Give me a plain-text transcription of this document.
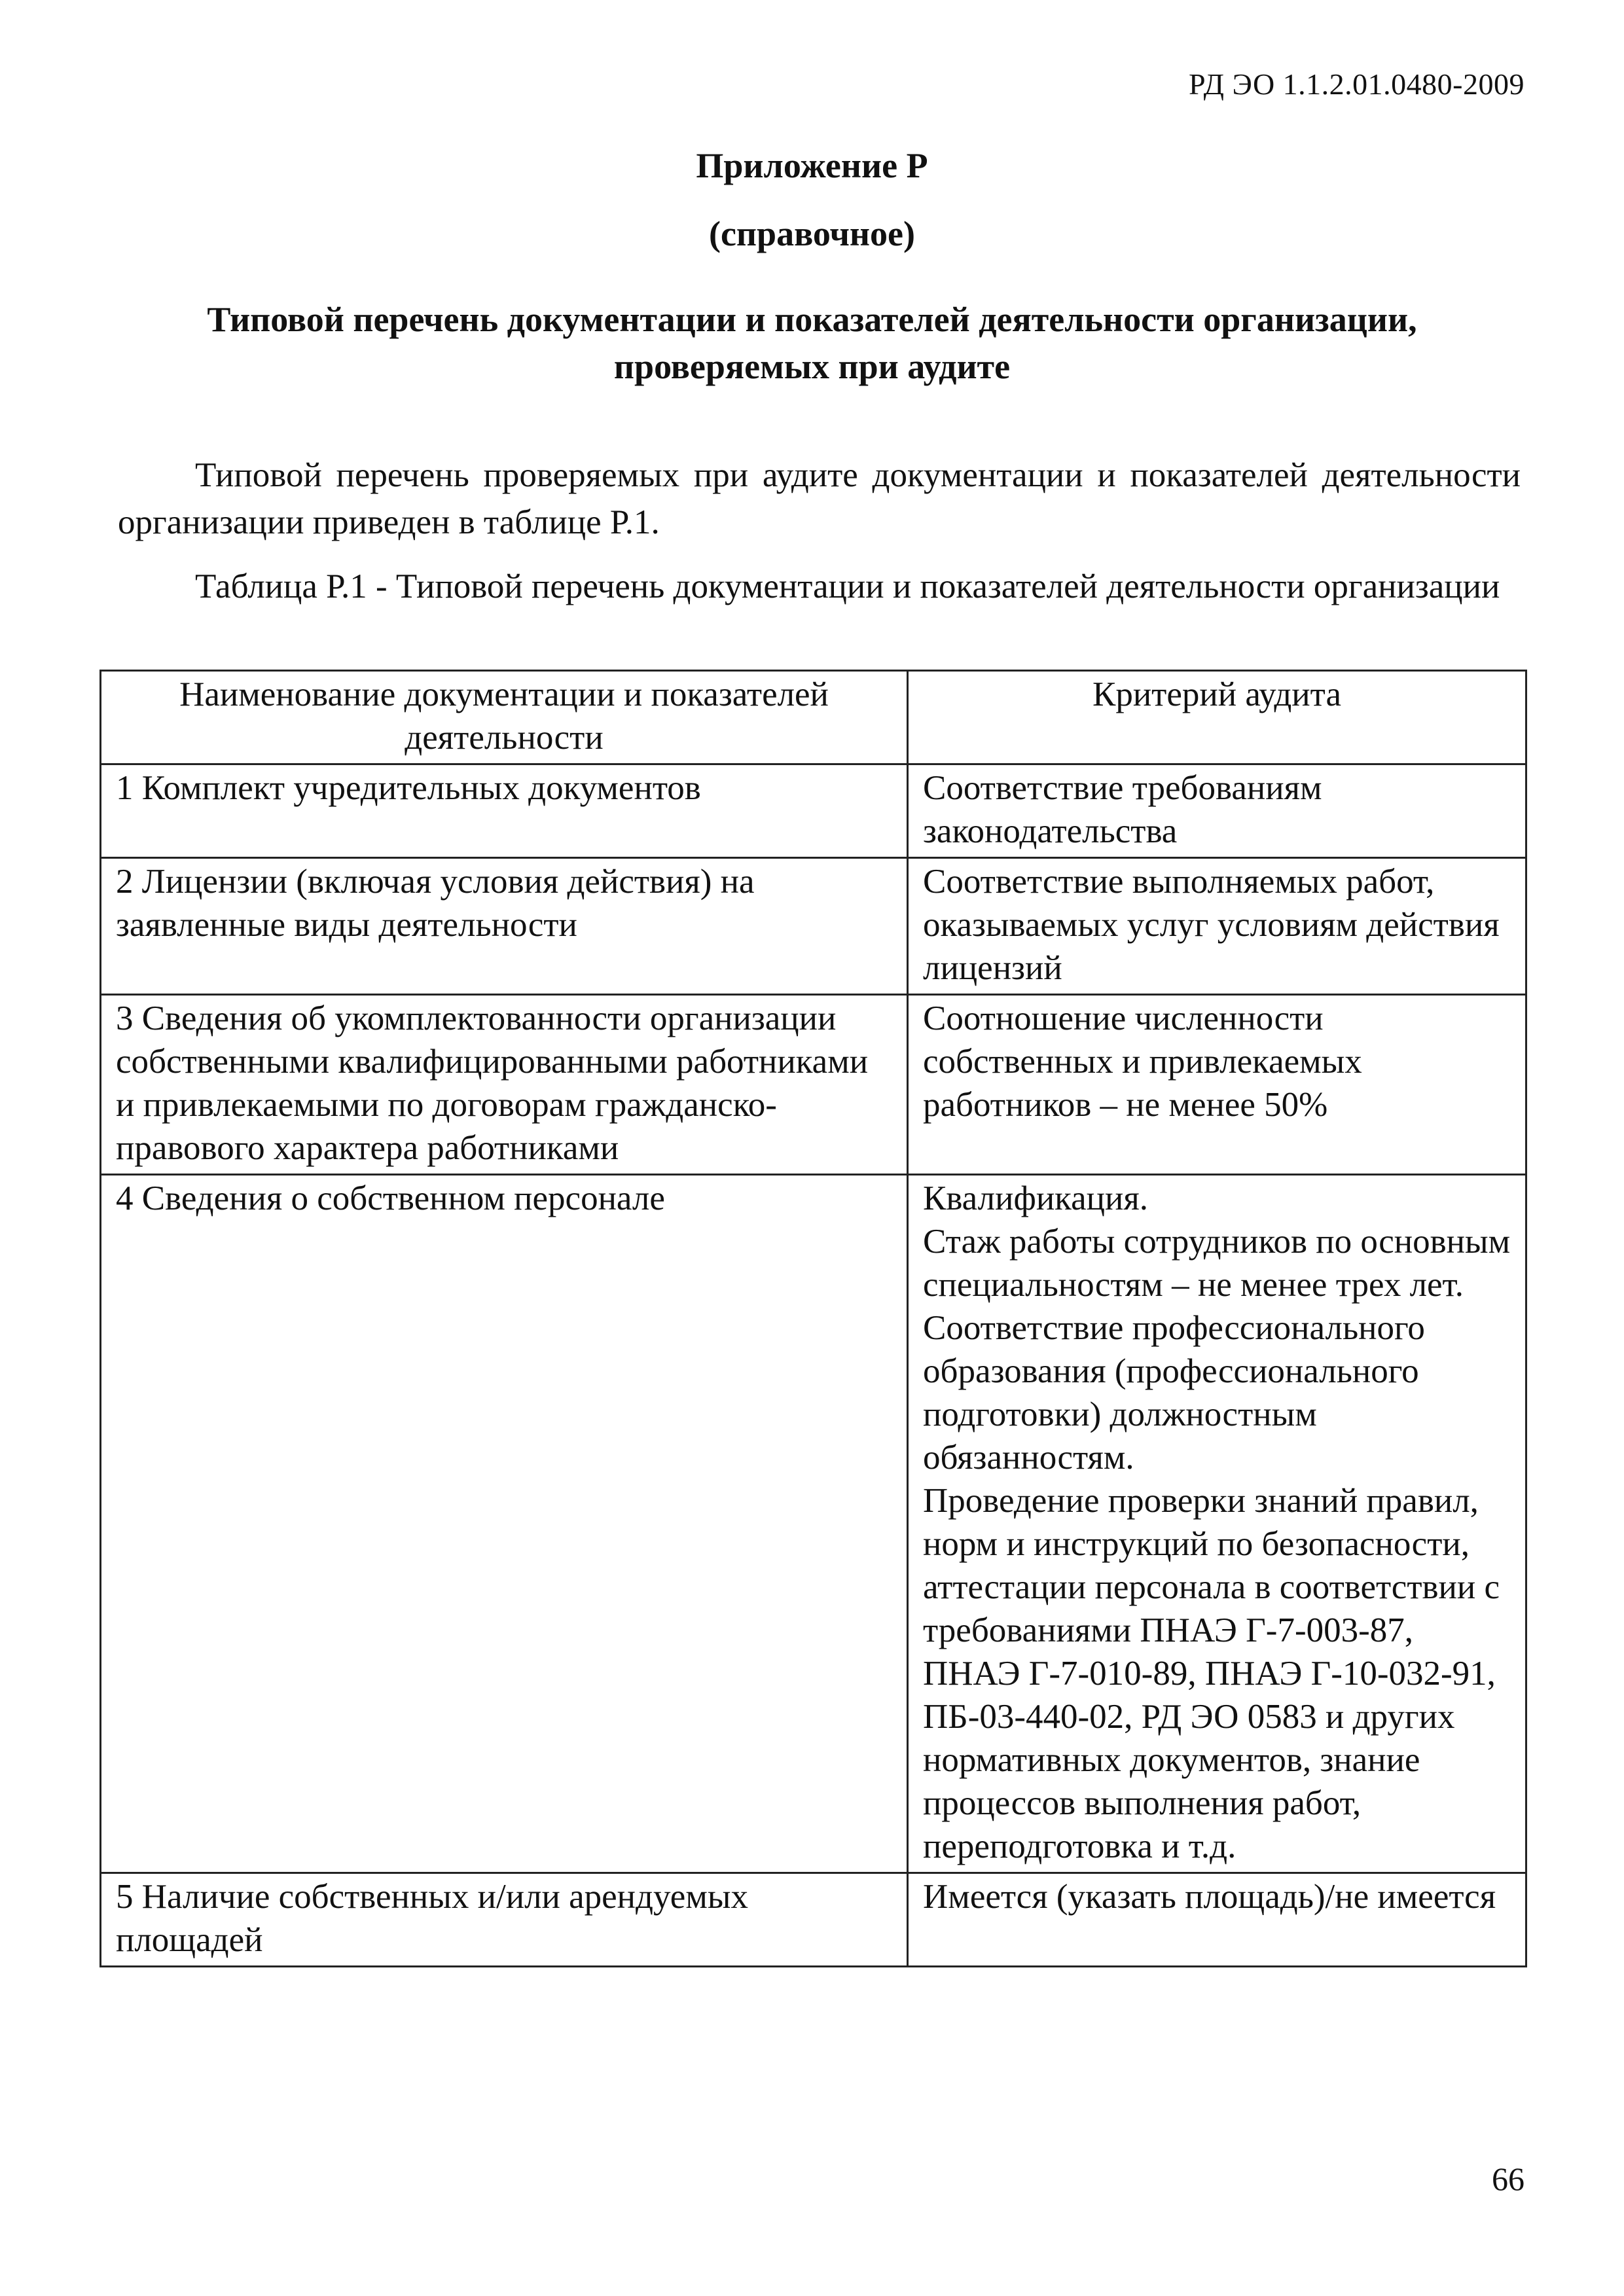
РД ЭО 1.1.2.01.0480-2009
Приложение Р
(справочное)
Типовой перечень документации и показателей деятельности организации,
проверяемых при аудите

Типовой перечень проверяемых при аудите документации и показателей деятельности организации приведен в таблице Р.1.

Таблица Р.1 - Типовой перечень документации и показателей деятельности организации

Наименование документации и показателей деятельности	Критерий аудита
1 Комплект учредительных документов	Соответствие требованиям законодательства

2 Лицензии (включая условия действия) на заявленные виды деятельности	Соответствие выполняемых работ, оказываемых услуг условиям действия лицензий

3 Сведения об укомплектованности организации собственными квалифицированными работниками и привлекаемыми по договорам гражданско-правового характера работниками	Соотношение численности собственных и привлекаемых работников – не менее 50%

4 Сведения о собственном персонале	Квалификация.
Стаж работы сотрудников по основным специальностям – не менее трех лет.
Соответствие профессионального образования (профессионального подготовки) должностным обязанностям.
Проведение проверки знаний правил, норм и инструкций по безопасности, аттестации персонала в соответствии с требованиями ПНАЭ Г-7-003-87, ПНАЭ Г-7-010-89, ПНАЭ Г-10-032-91, ПБ-03-440-02, РД ЭО 0583 и других нормативных документов, знание процессов выполнения работ, переподготовка и т.д.

5 Наличие собственных и/или арендуемых площадей	Имеется (указать площадь)/не имеется
66
